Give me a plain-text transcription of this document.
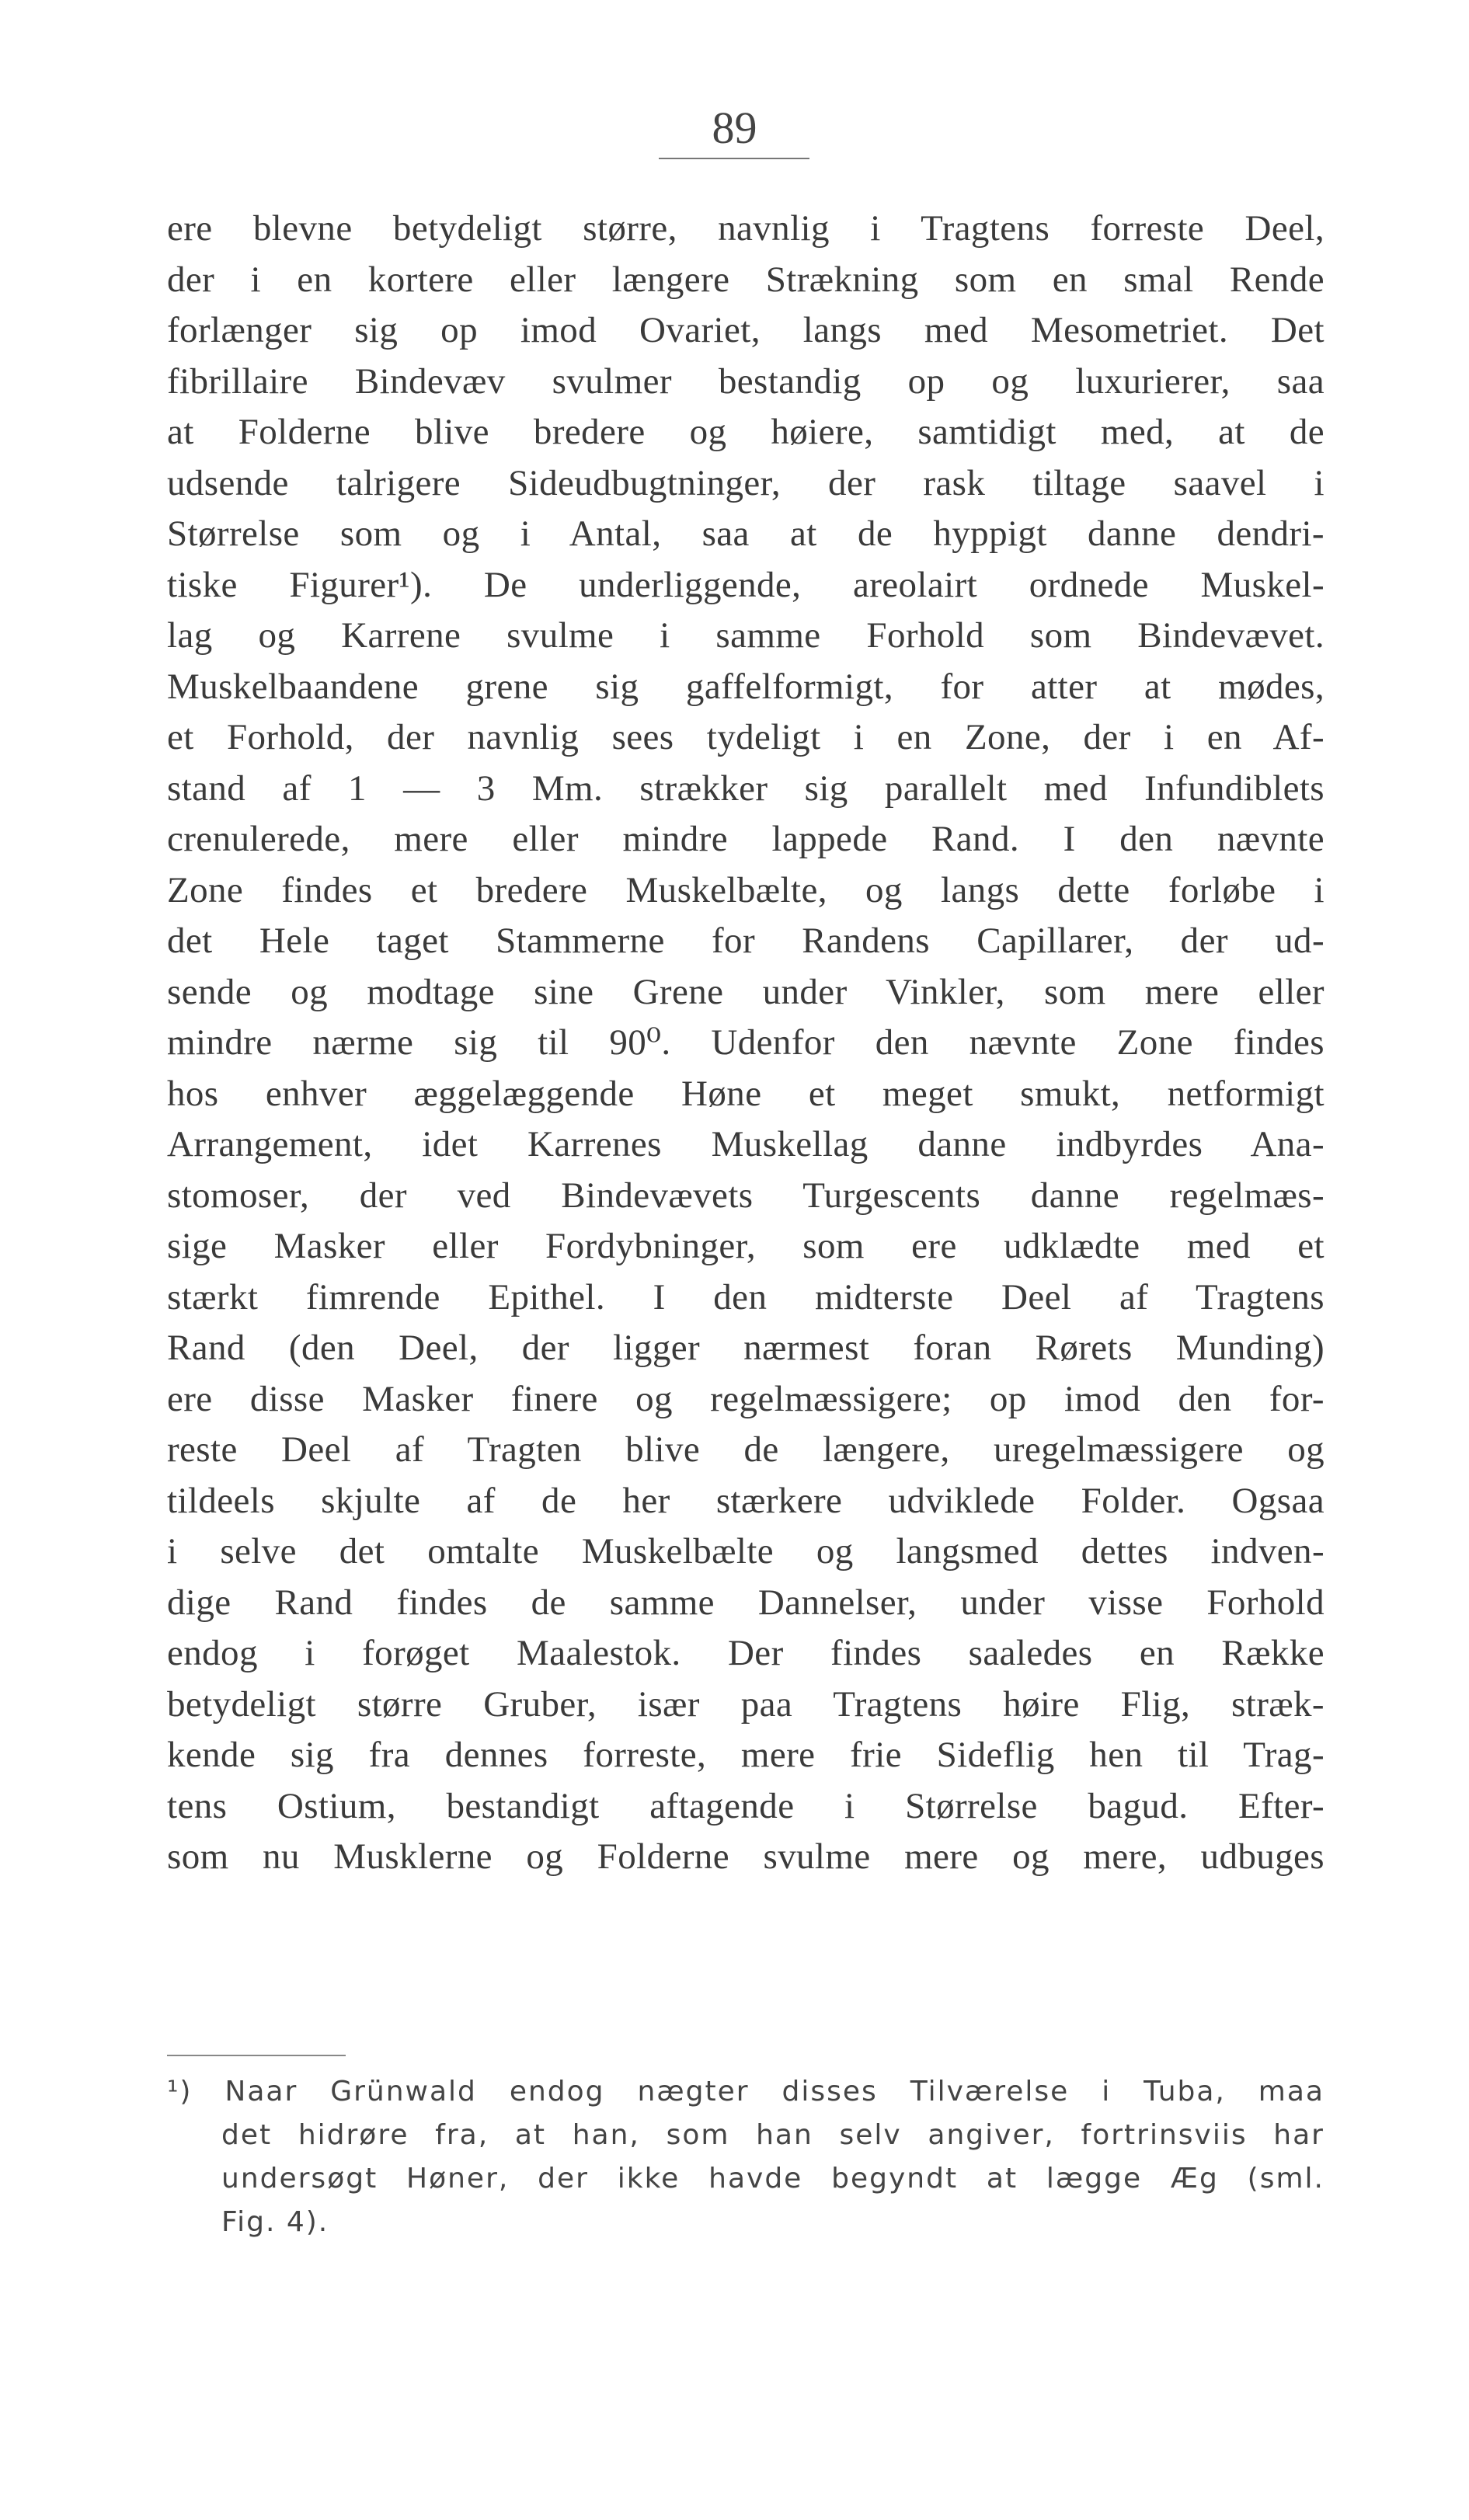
89
ere blevne betydeligt større, navnlig i Tragtens forreste Deel,
der i en kortere eller længere Strækning som en smal Rende
forlænger sig op imod Ovariet, langs med Mesometriet. Det
fibrillaire Bindevæv svulmer bestandig op og luxurierer, saa
at Folderne blive bredere og høiere, samtidigt med, at de
udsende talrigere Sideudbugtninger, der rask tiltage saavel i
Størrelse som og i Antal, saa at de hyppigt danne dendri-
tiske Figurer¹). De underliggende, areolairt ordnede Muskel-
lag og Karrene svulme i samme Forhold som Bindevævet.
Muskelbaandene grene sig gaffelformigt, for atter at mødes,
et Forhold, der navnlig sees tydeligt i en Zone, der i en Af-
stand af 1 — 3 Mm. strækker sig parallelt med Infundiblets
crenulerede, mere eller mindre lappede Rand. I den nævnte
Zone findes et bredere Muskelbælte, og langs dette forløbe i
det Hele taget Stammerne for Randens Capillarer, der ud-
sende og modtage sine Grene under Vinkler, som mere eller
mindre nærme sig til 90⁰. Udenfor den nævnte Zone findes
hos enhver æggelæggende Høne et meget smukt, netformigt
Arrangement, idet Karrenes Muskellag danne indbyrdes Ana-
stomoser, der ved Bindevævets Turgescents danne regelmæs-
sige Masker eller Fordybninger, som ere udklædte med et
stærkt fimrende Epithel. I den midterste Deel af Tragtens
Rand (den Deel, der ligger nærmest foran Rørets Munding)
ere disse Masker finere og regelmæssigere; op imod den for-
reste Deel af Tragten blive de længere, uregelmæssigere og
tildeels skjulte af de her stærkere udviklede Folder. Ogsaa
i selve det omtalte Muskelbælte og langsmed dettes indven-
dige Rand findes de samme Dannelser, under visse Forhold
endog i forøget Maalestok. Der findes saaledes en Række
betydeligt større Gruber, især paa Tragtens høire Flig, stræk-
kende sig fra dennes forreste, mere frie Sideflig hen til Trag-
tens Ostium, bestandigt aftagende i Størrelse bagud. Efter-
som nu Musklerne og Folderne svulme mere og mere, udbuges
¹) Naar Grünwald endog nægter disses Tilværelse i Tuba, maa
det hidrøre fra, at han, som han selv angiver, fortrinsviis har
undersøgt Høner, der ikke havde begyndt at lægge Æg (sml.
Fig. 4).
